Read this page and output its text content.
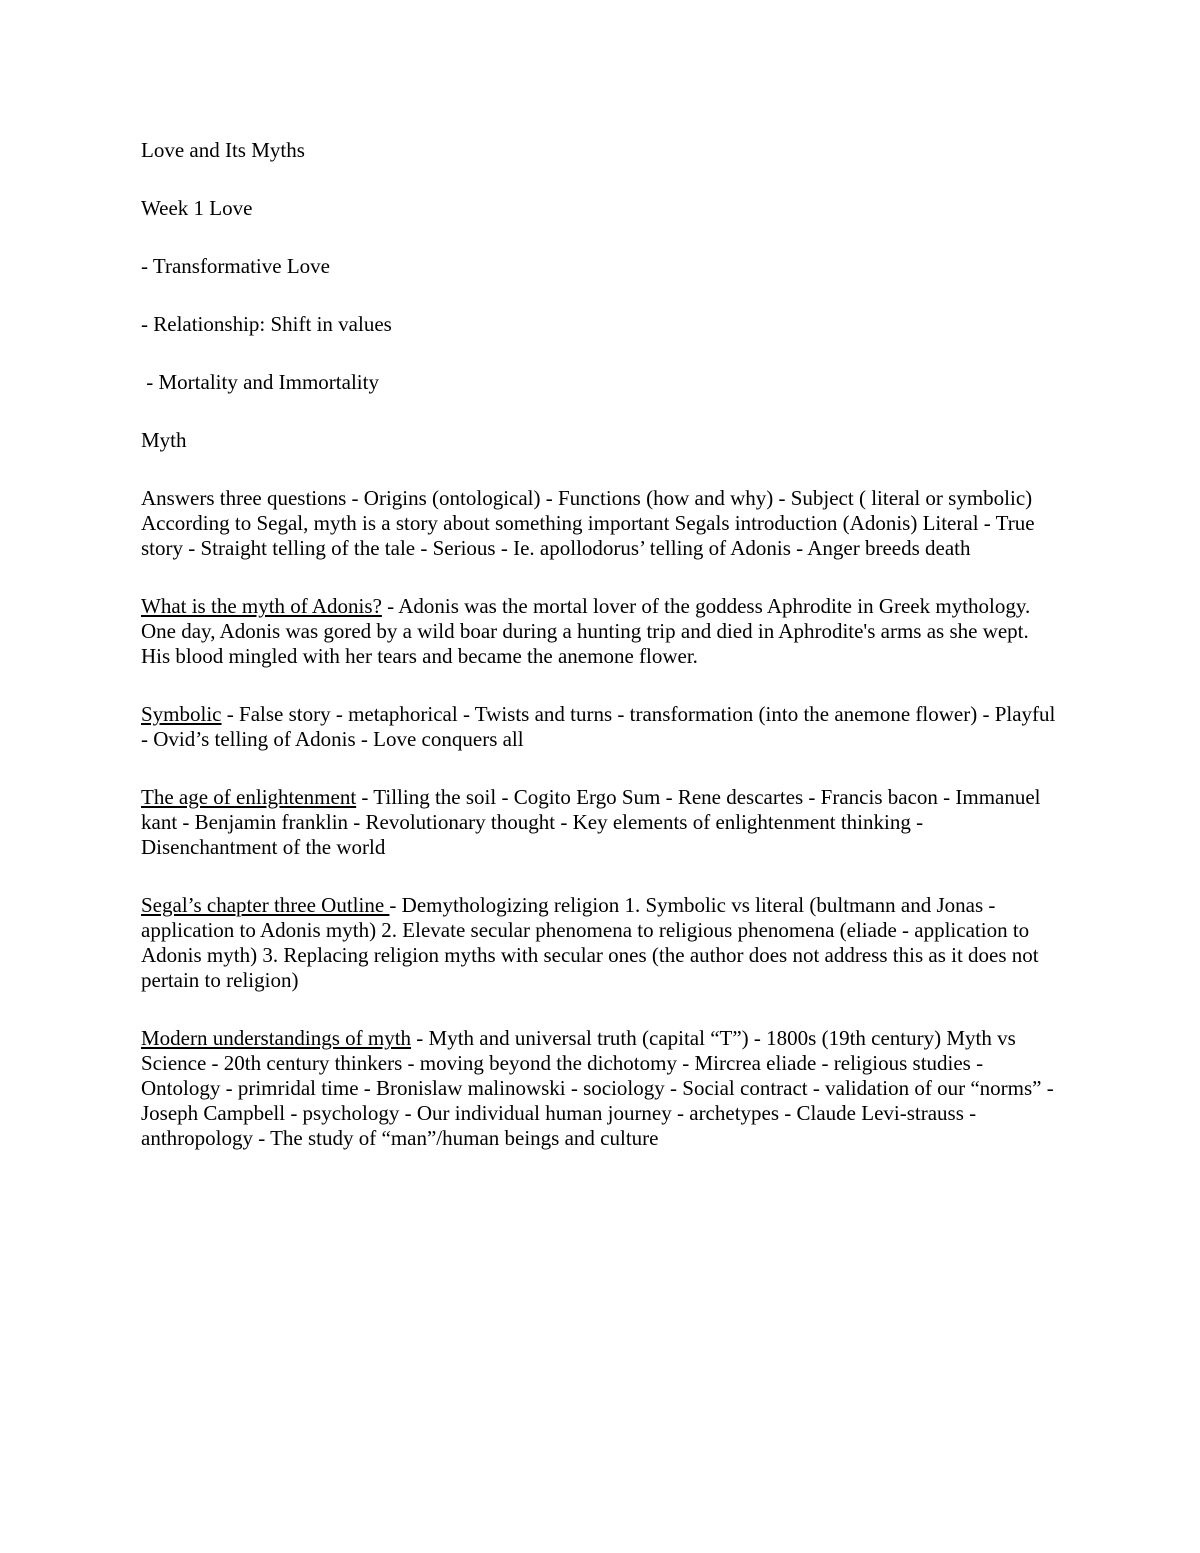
Love and Its Myths

Week 1 Love

- Transformative Love

- Relationship: Shift in values

- Mortality and Immortality

Myth

Answers three questions - Origins (ontological) - Functions (how and why) - Subject ( literal or symbolic) According to Segal, myth is a story about something important Segals introduction (Adonis) Literal - True story - Straight telling of the tale - Serious - Ie. apollodorus’ telling of Adonis - Anger breeds death

What is the myth of Adonis? - Adonis was the mortal lover of the goddess Aphrodite in Greek mythology. One day, Adonis was gored by a wild boar during a hunting trip and died in Aphrodite's arms as she wept. His blood mingled with her tears and became the anemone flower.

Symbolic - False story - metaphorical - Twists and turns - transformation (into the anemone flower) - Playful - Ovid’s telling of Adonis - Love conquers all

The age of enlightenment - Tilling the soil - Cogito Ergo Sum - Rene descartes - Francis bacon - Immanuel kant - Benjamin franklin - Revolutionary thought - Key elements of enlightenment thinking - Disenchantment of the world

Segal’s chapter three Outline - Demythologizing religion 1. Symbolic vs literal (bultmann and Jonas - application to Adonis myth) 2. Elevate secular phenomena to religious phenomena (eliade - application to Adonis myth) 3. Replacing religion myths with secular ones (the author does not address this as it does not pertain to religion)

Modern understandings of myth - Myth and universal truth (capital “T”) - 1800s (19th century) Myth vs Science - 20th century thinkers - moving beyond the dichotomy - Mircrea eliade - religious studies - Ontology - primridal time - Bronislaw malinowski - sociology - Social contract - validation of our “norms” - Joseph Campbell - psychology - Our individual human journey - archetypes - Claude Levi-strauss - anthropology - The study of “man”/human beings and culture
